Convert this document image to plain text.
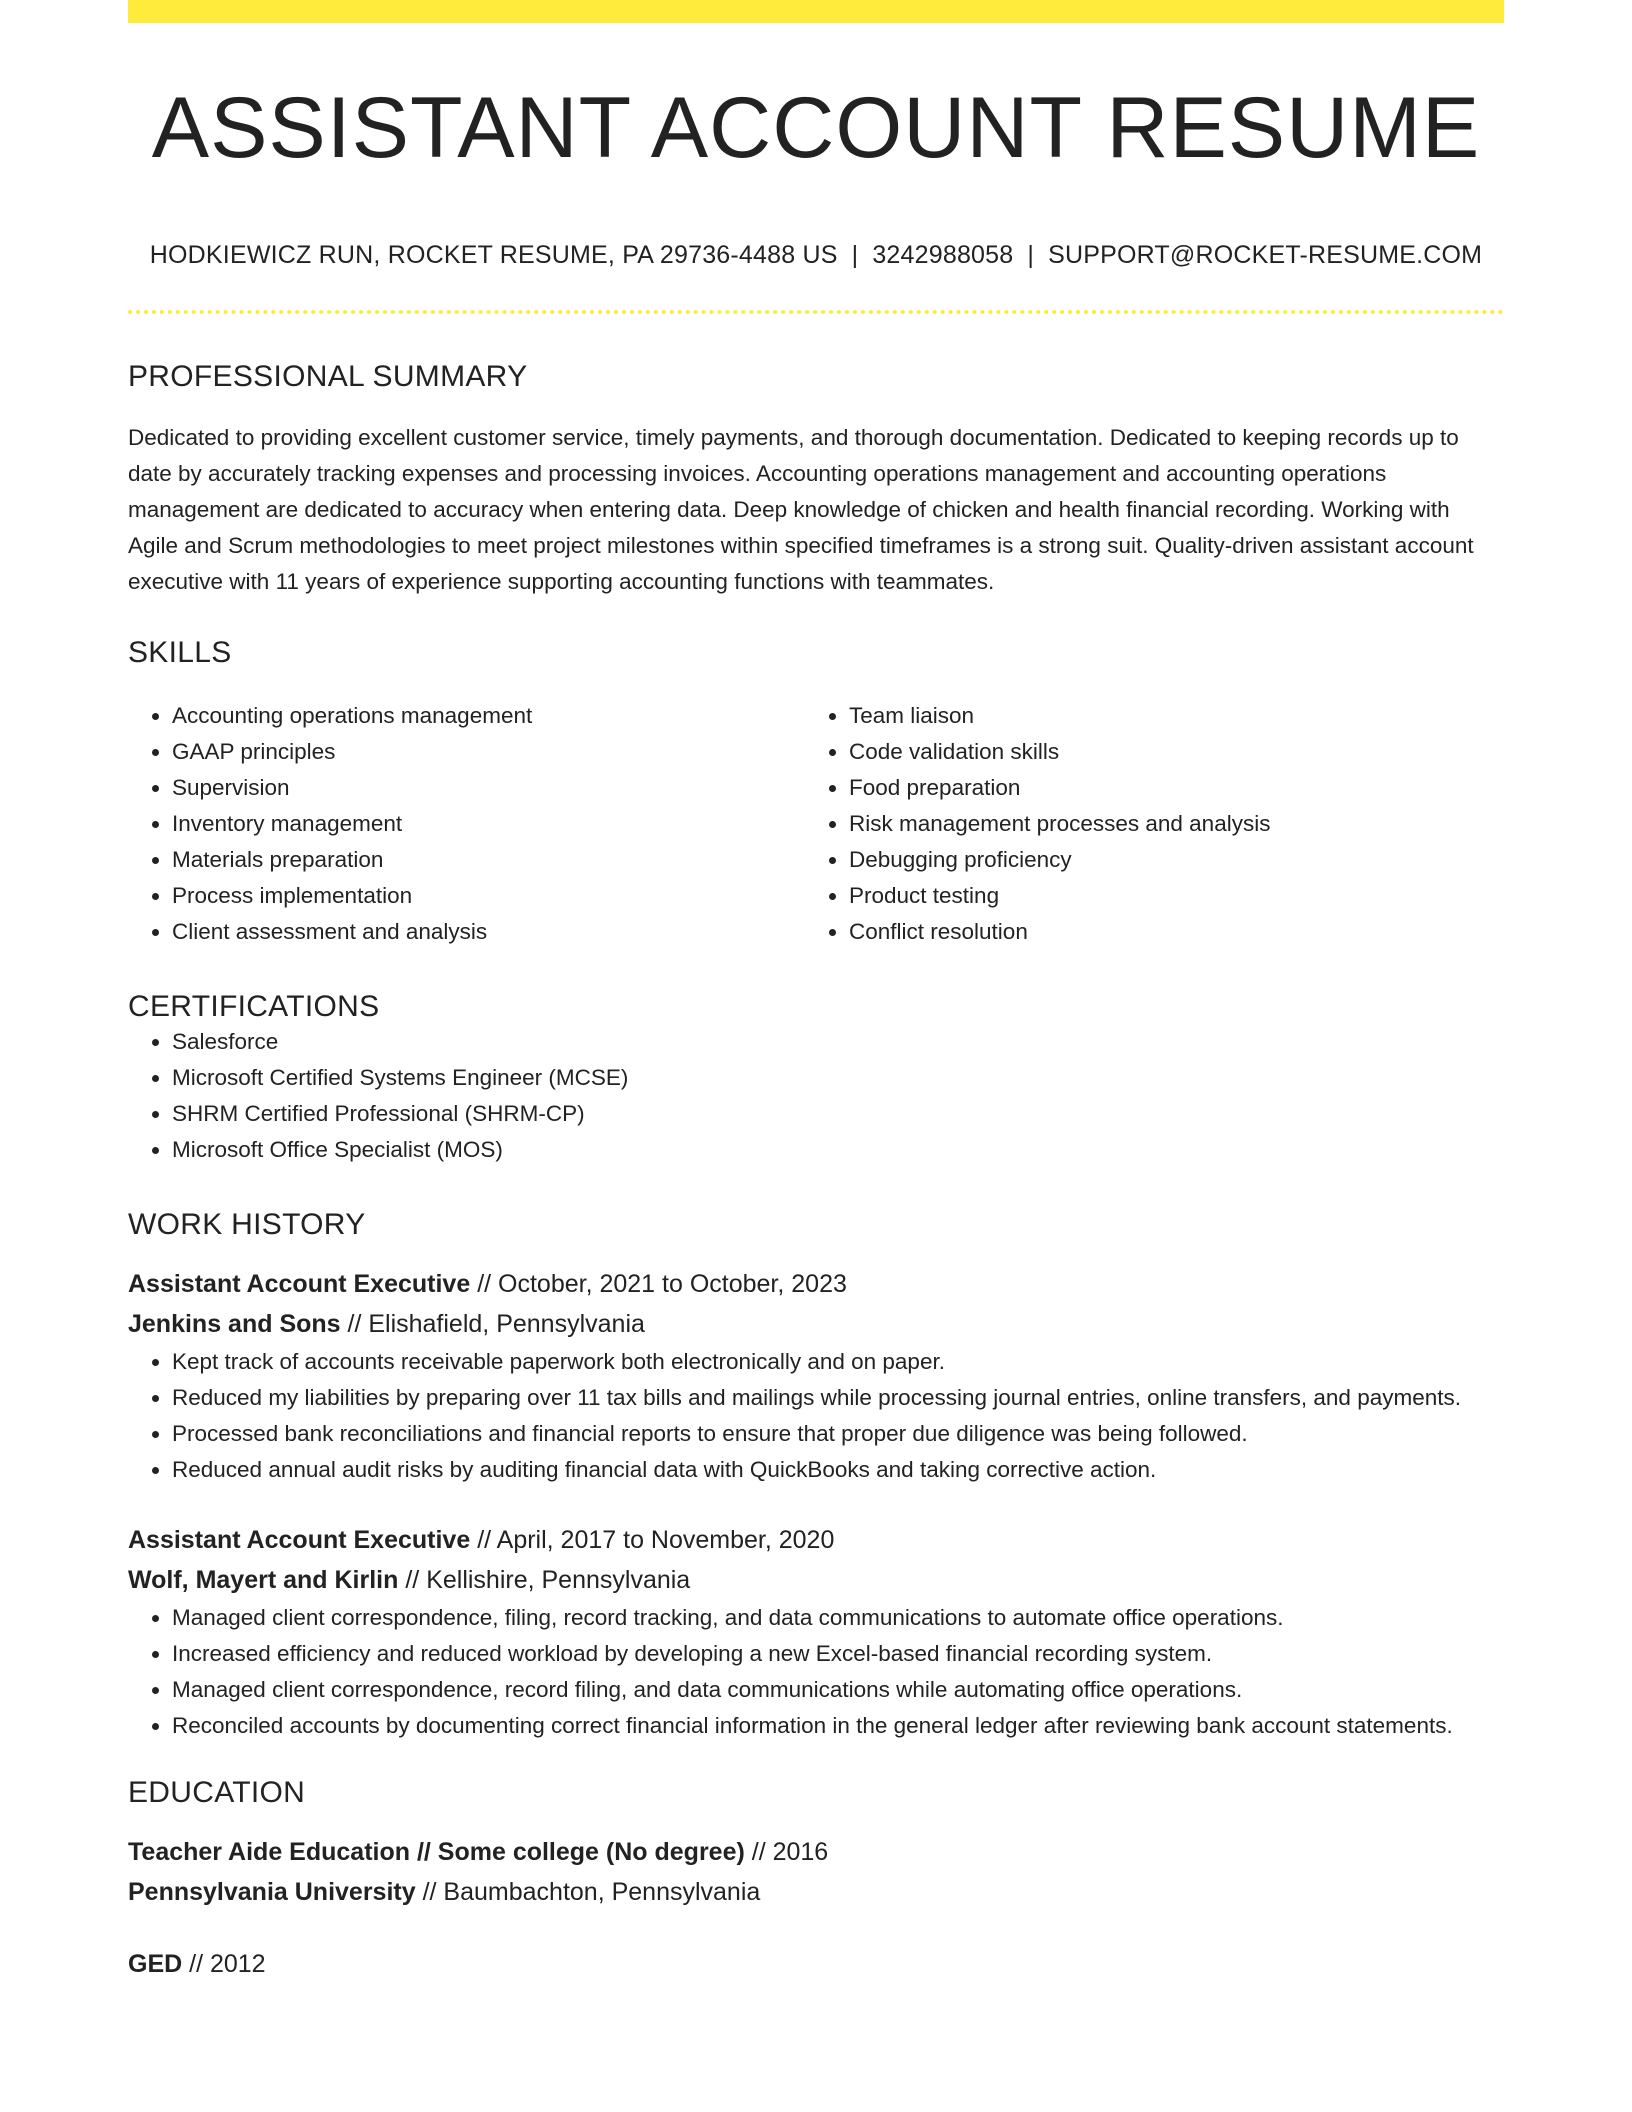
ASSISTANT ACCOUNT RESUME
HODKIEWICZ RUN, ROCKET RESUME, PA 29736-4488 US | 3242988058 | SUPPORT@ROCKET-RESUME.COM
PROFESSIONAL SUMMARY
Dedicated to providing excellent customer service, timely payments, and thorough documentation. Dedicated to keeping records up to date by accurately tracking expenses and processing invoices. Accounting operations management and accounting operations management are dedicated to accuracy when entering data. Deep knowledge of chicken and health financial recording. Working with Agile and Scrum methodologies to meet project milestones within specified timeframes is a strong suit. Quality-driven assistant account executive with 11 years of experience supporting accounting functions with teammates.
SKILLS
• Accounting operations management
• GAAP principles
• Supervision
• Inventory management
• Materials preparation
• Process implementation
• Client assessment and analysis
• Team liaison
• Code validation skills
• Food preparation
• Risk management processes and analysis
• Debugging proficiency
• Product testing
• Conflict resolution
CERTIFICATIONS
• Salesforce
• Microsoft Certified Systems Engineer (MCSE)
• SHRM Certified Professional (SHRM-CP)
• Microsoft Office Specialist (MOS)
WORK HISTORY
Assistant Account Executive // October, 2021 to October, 2023
Jenkins and Sons // Elishafield, Pennsylvania
• Kept track of accounts receivable paperwork both electronically and on paper.
• Reduced my liabilities by preparing over 11 tax bills and mailings while processing journal entries, online transfers, and payments.
• Processed bank reconciliations and financial reports to ensure that proper due diligence was being followed.
• Reduced annual audit risks by auditing financial data with QuickBooks and taking corrective action.
Assistant Account Executive // April, 2017 to November, 2020
Wolf, Mayert and Kirlin // Kellishire, Pennsylvania
• Managed client correspondence, filing, record tracking, and data communications to automate office operations.
• Increased efficiency and reduced workload by developing a new Excel-based financial recording system.
• Managed client correspondence, record filing, and data communications while automating office operations.
• Reconciled accounts by documenting correct financial information in the general ledger after reviewing bank account statements.
EDUCATION
Teacher Aide Education // Some college (No degree) // 2016
Pennsylvania University // Baumbachton, Pennsylvania
GED // 2012
